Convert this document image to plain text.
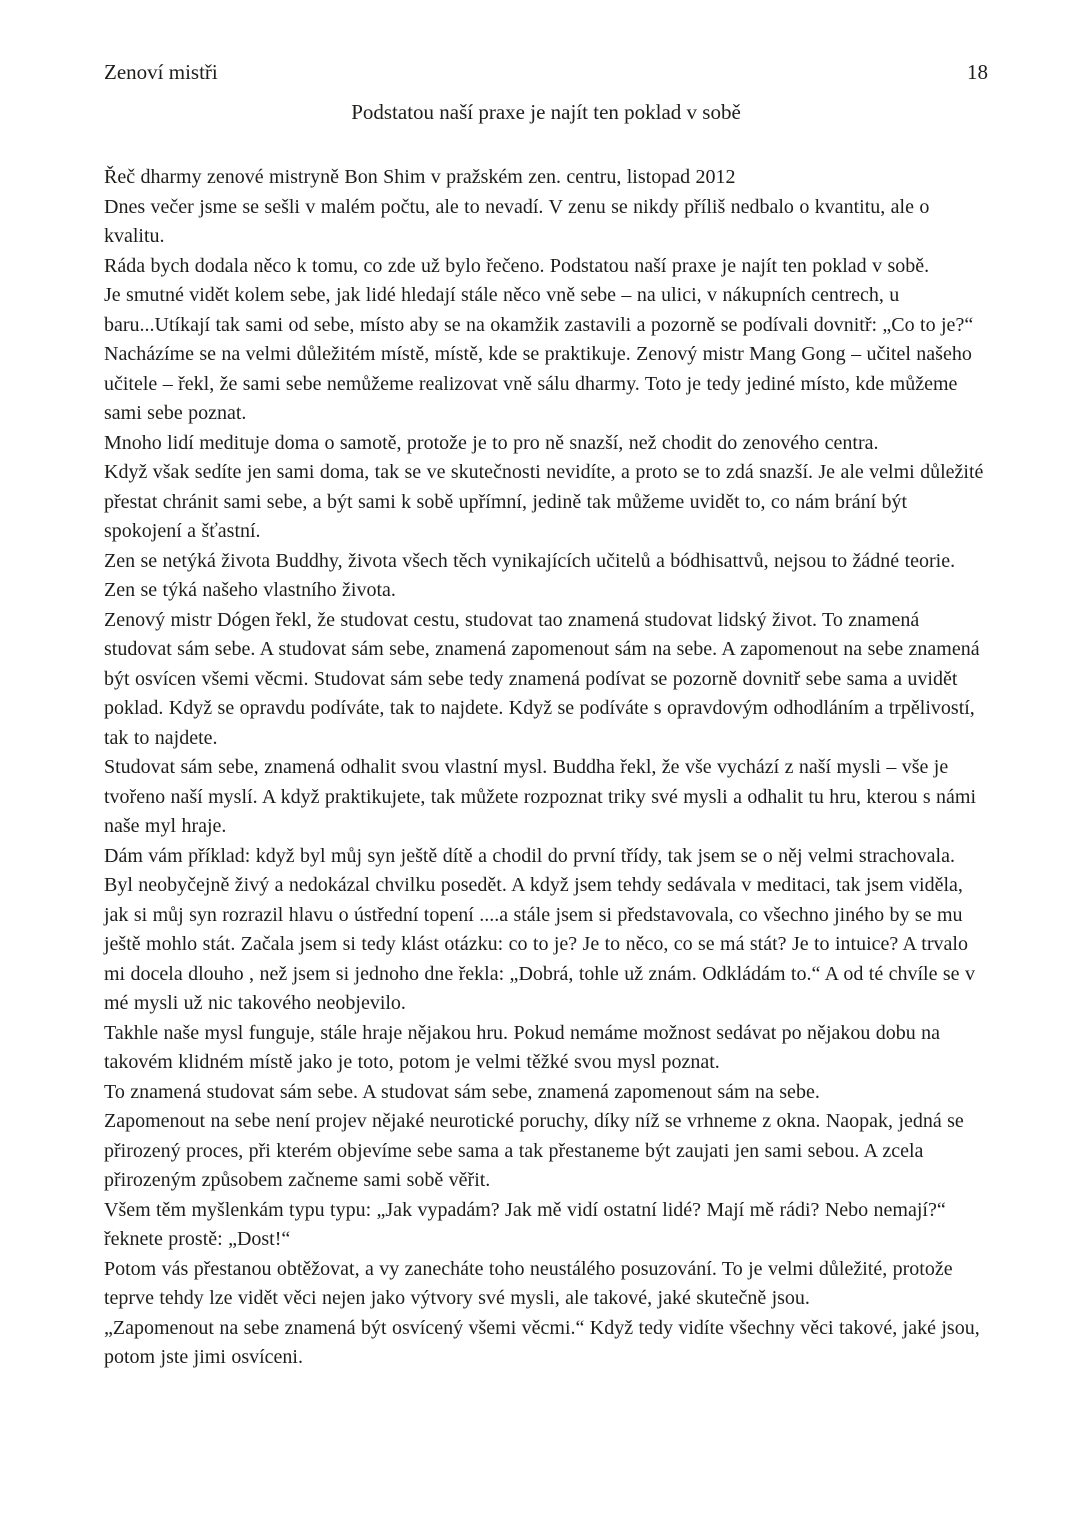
Zenoví mistři	18
Podstatou naší praxe je najít ten poklad v sobě

Řeč dharmy zenové mistryně Bon Shim v pražském zen. centru, listopad 2012

Dnes večer jsme se sešli v malém počtu, ale to nevadí. V zenu se nikdy příliš nedbalo o kvantitu, ale o kvalitu.

Ráda bych dodala něco k tomu, co zde už bylo řečeno. Podstatou naší praxe je najít ten poklad v sobě.

Je smutné vidět kolem sebe, jak lidé hledají stále něco vně sebe – na ulici, v nákupních centrech, u baru...Utíkají tak sami od sebe, místo aby se na okamžik zastavili a pozorně se podívali dovnitř: „Co to je?“

Nacházíme se na velmi důležitém místě, místě, kde se praktikuje. Zenový mistr Mang Gong – učitel našeho učitele – řekl, že sami sebe nemůžeme realizovat vně sálu dharmy. Toto je tedy jediné místo, kde můžeme sami sebe poznat.

Mnoho lidí medituje doma o samotě, protože je to pro ně snazší, než chodit do zenového centra.

Když však sedíte jen sami doma, tak se ve skutečnosti nevidíte, a proto se to zdá snazší. Je ale velmi důležité přestat chránit sami sebe, a být sami k sobě upřímní, jedině tak můžeme uvidět to, co nám brání být spokojení a šťastní.

Zen se netýká života Buddhy, života všech těch vynikajících učitelů a bódhisattvů, nejsou to žádné teorie. Zen se týká našeho vlastního života.

Zenový mistr Dógen řekl, že studovat cestu, studovat tao znamená studovat lidský život. To znamená studovat sám sebe. A studovat sám sebe, znamená zapomenout sám na sebe. A zapomenout na sebe znamená být osvícen všemi věcmi. Studovat sám sebe tedy znamená podívat se pozorně dovnitř sebe sama a uvidět poklad. Když se opravdu podíváte, tak to najdete. Když se podíváte s opravdovým odhodláním a trpělivostí, tak to najdete.

Studovat sám sebe, znamená odhalit svou vlastní mysl. Buddha řekl, že vše vychází z naší mysli – vše je tvořeno naší myslí. A když praktikujete, tak můžete rozpoznat triky své mysli a odhalit tu hru, kterou s námi naše myl hraje.

Dám vám příklad: když byl můj syn ještě dítě a chodil do první třídy, tak jsem se o něj velmi strachovala. Byl neobyčejně živý a nedokázal chvilku posedět. A když jsem tehdy sedávala v meditaci, tak jsem viděla, jak si můj syn rozrazil hlavu o ústřední topení ....a stále jsem si představovala, co všechno jiného by se mu ještě mohlo stát. Začala jsem si tedy klást otázku: co to je? Je to něco, co se má stát? Je to intuice? A trvalo mi docela dlouho , než jsem si jednoho dne řekla: „Dobrá, tohle už znám. Odkládám to.“ A od té chvíle se v mé mysli už nic takového neobjevilo.

Takhle naše mysl funguje, stále hraje nějakou hru. Pokud nemáme možnost sedávat po nějakou dobu na takovém klidném místě jako je toto, potom je velmi těžké svou mysl poznat.

To znamená studovat sám sebe. A studovat sám sebe, znamená zapomenout sám na sebe.

Zapomenout na sebe není projev nějaké neurotické poruchy, díky níž se vrhneme z okna. Naopak, jedná se přirozený proces, při kterém objevíme sebe sama a tak přestaneme být zaujati jen sami sebou. A zcela přirozeným způsobem začneme sami sobě věřit.

Všem těm myšlenkám typu typu: „Jak vypadám? Jak mě vidí ostatní lidé? Mají mě rádi? Nebo nemají?“ řeknete prostě: „Dost!“

Potom vás přestanou obtěžovat, a vy zanecháte toho neustálého posuzování. To je velmi důležité, protože teprve tehdy lze vidět věci nejen jako výtvory své mysli, ale takové, jaké skutečně jsou.

„Zapomenout na sebe znamená být osvícený všemi věcmi.“ Když tedy vidíte všechny věci takové, jaké jsou, potom jste jimi osvíceni.
